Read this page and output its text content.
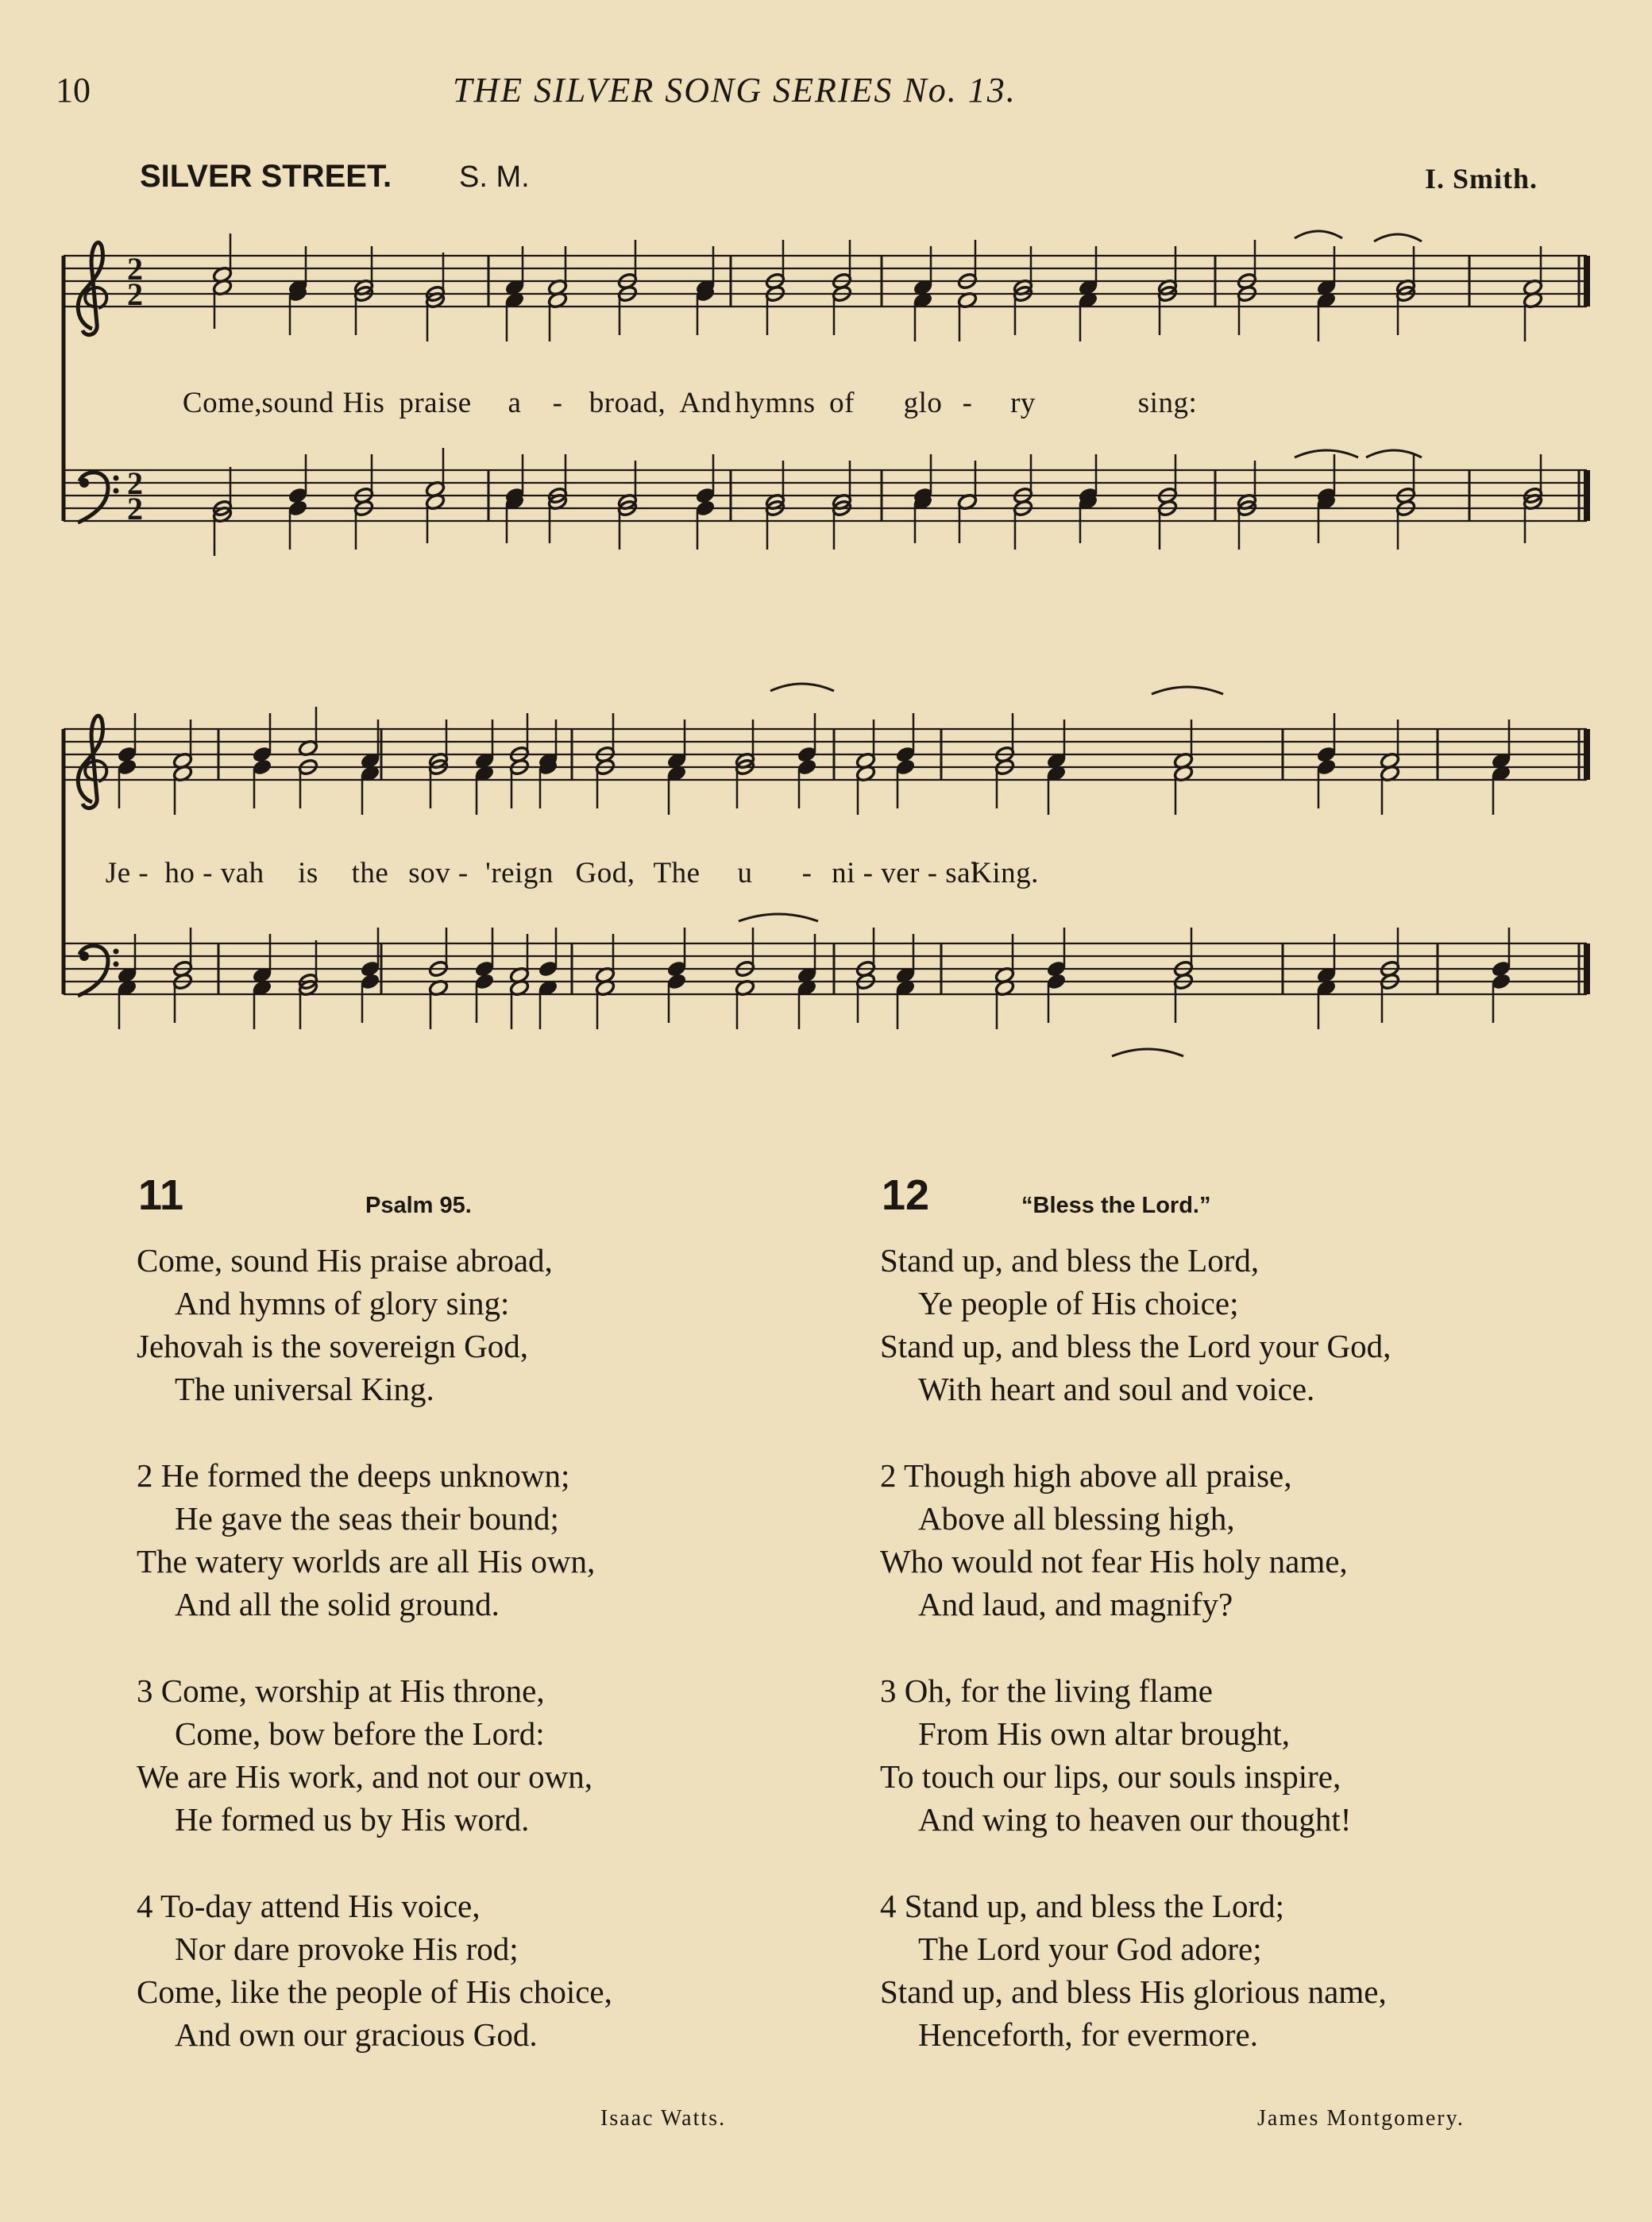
10	THE SILVER SONG SERIES No. 13.
SILVER STREET. S. M.	I. Smith.
2
2
2
2
Come, sound His praise a - broad, And hymns of glo - ry	sing:
Je - ho - vah is the sov - 'reign God, The u - ni - ver - sal
King.
11	Psalm 95.
Come, sound His praise abroad,
And hymns of glory sing:
Jehovah is the sovereign God,
The universal King.
2 He formed the deeps unknown;
He gave the seas their bound;
The watery worlds are all His own,
And all the solid ground.
3 Come, worship at His throne,
Come, bow before the Lord:
We are His work, and not our own,
He formed us by His word.
4 To-day attend His voice,
Nor dare provoke His rod;
Come, like the people of His choice,
And own our gracious God.
Isaac Watts.
12	“Bless the Lord.”
Stand up, and bless the Lord,
Ye people of His choice;
Stand up, and bless the Lord your God,
With heart and soul and voice.
2 Though high above all praise,
Above all blessing high,
Who would not fear His holy name,
And laud, and magnify?
3 Oh, for the living flame
From His own altar brought,
To touch our lips, our souls inspire,
And wing to heaven our thought!
4 Stand up, and bless the Lord;
The Lord your God adore;
Stand up, and bless His glorious name,
Henceforth, for evermore.
James Montgomery.
